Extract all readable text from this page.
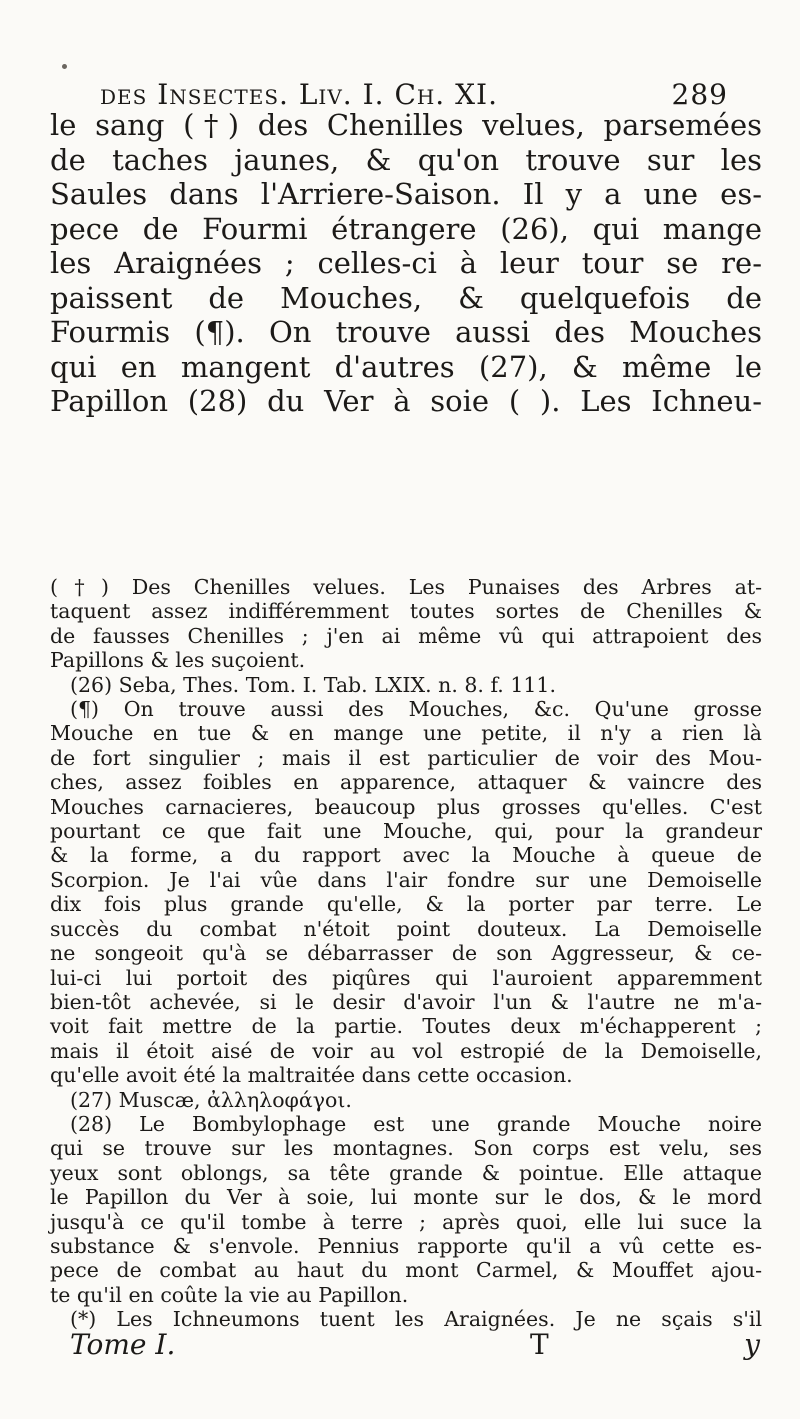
des Insectes. Liv. I. Ch. XI.	289
le sang (†) des Chenilles velues, parsemées
de taches jaunes, & qu'on trouve sur les
Saules dans l'Arriere-Saison. Il y a une es-
pece de Fourmi étrangere (26), qui mange
les Araignées ; celles-ci à leur tour se re-
paissent de Mouches, & quelquefois de
Fourmis (¶). On trouve aussi des Mouches
qui en mangent d'autres (27), & même le
Papillon (28) du Ver à soie ( ). Les Ichneu-
(†) Des Chenilles velues. Les Punaises des Arbres at-
taquent assez indifféremment toutes sortes de Chenilles &
de fausses Chenilles ; j'en ai même vû qui attrapoient des
Papillons & les suçoient.
(26) Seba, Thes. Tom. I. Tab. LXIX. n. 8. f. 111.
(¶) On trouve aussi des Mouches, &c. Qu'une grosse
Mouche en tue & en mange une petite, il n'y a rien là
de fort singulier ; mais il est particulier de voir des Mou-
ches, assez foibles en apparence, attaquer & vaincre des
Mouches carnacieres, beaucoup plus grosses qu'elles. C'est
pourtant ce que fait une Mouche, qui, pour la grandeur
& la forme, a du rapport avec la Mouche à queue de
Scorpion. Je l'ai vûe dans l'air fondre sur une Demoiselle
dix fois plus grande qu'elle, & la porter par terre. Le
succès du combat n'étoit point douteux. La Demoiselle
ne songeoit qu'à se débarrasser de son Aggresseur, & ce-
lui-ci lui portoit des piqûres qui l'auroient apparemment
bien-tôt achevée, si le desir d'avoir l'un & l'autre ne m'a-
voit fait mettre de la partie. Toutes deux m'échapperent ;
mais il étoit aisé de voir au vol estropié de la Demoiselle,
qu'elle avoit été la maltraitée dans cette occasion.
(27) Muscæ, ἀλληλοφάγοι.
(28) Le Bombylophage est une grande Mouche noire
qui se trouve sur les montagnes. Son corps est velu, ses
yeux sont oblongs, sa tête grande & pointue. Elle attaque
le Papillon du Ver à soie, lui monte sur le dos, & le mord
jusqu'à ce qu'il tombe à terre ; après quoi, elle lui suce la
substance & s'envole. Pennius rapporte qu'il a vû cette es-
pece de combat au haut du mont Carmel, & Mouffet ajou-
te qu'il en coûte la vie au Papillon.
(*) Les Ichneumons tuent les Araignées. Je ne sçais s'il
Tome I.	T	y
